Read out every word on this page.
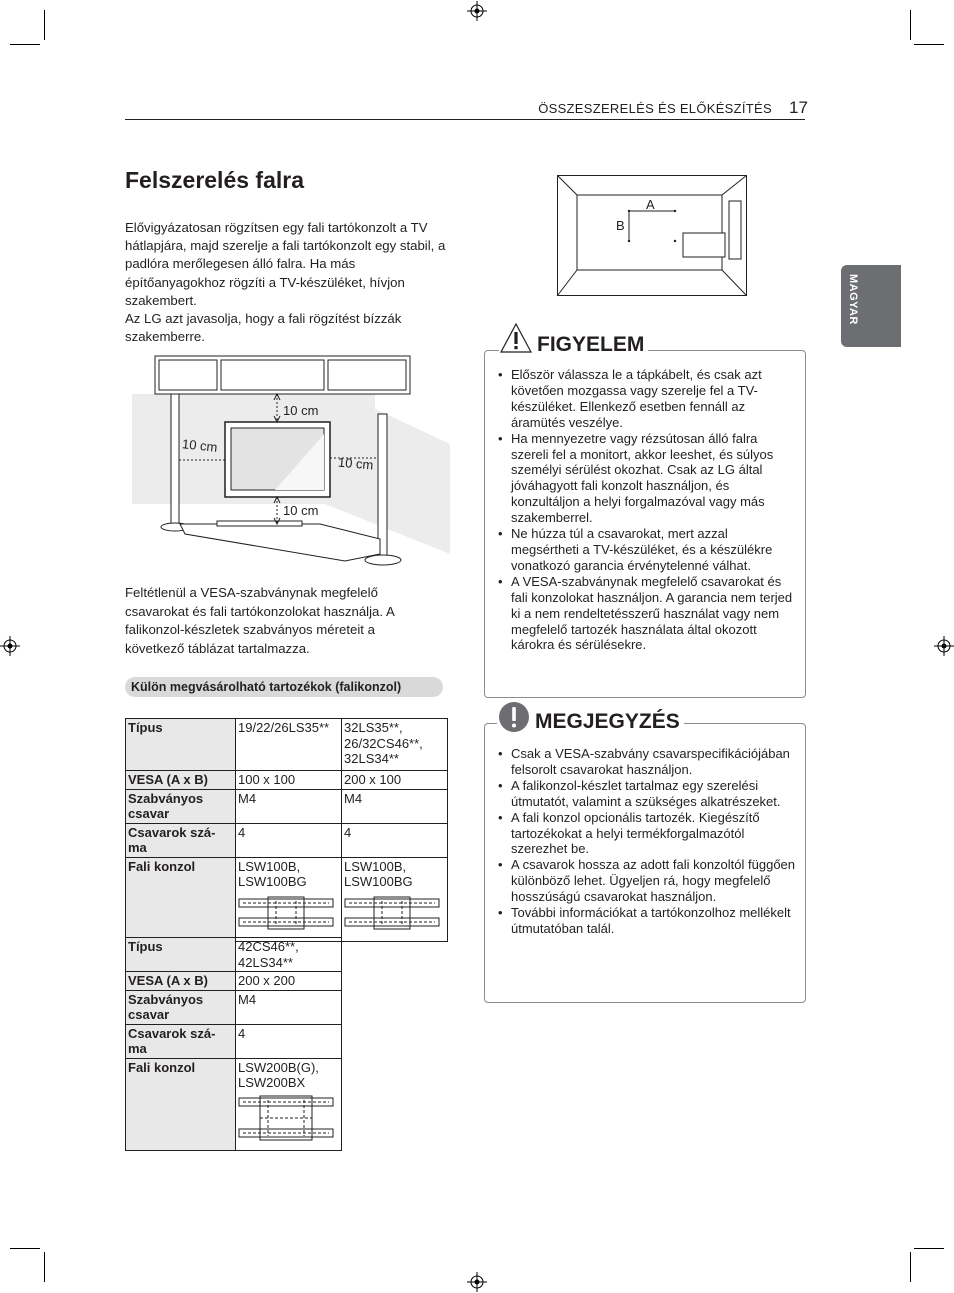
ÖSSZESZERELÉS ÉS ELŐKÉSZÍTÉS 17
MAGYAR
Felszerelés falra

Elővigyázatosan rögzítsen egy fali tartókonzolt a TV hátlapjára, majd szerelje a fali tartókonzolt egy stabil, a padlóra merőlegesen álló falra. Ha más építőanyagokhoz rögzíti a TV-készüléket, hívjon szakembert.

Az LG azt javasolja, hogy a fali rögzítést bízzák szakemberre.

10 cm
10 cm
10 cm
10 cm
Feltétlenül a VESA-szabványnak megfelelő csavarokat és fali tartókonzolokat használja. A falikonzol-készletek szabványos méreteit a következő táblázat tartalmazza.
Külön megvásárolható tartozékok (falikonzol)
Típus	19/22/26LS35**	32LS35**, 26/32CS46**, 32LS34**
VESA (A x B)	100 x 100	200 x 100
Szabványos csavar	M4	M4
Csavarok szá-ma	4	4
Fali konzol	LSW100B, LSW100BG	LSW100B, LSW100BG
Típus	42CS46**, 42LS34**
VESA (A x B)	200 x 200
Szabványos csavar	M4
Csavarok szá-ma	4
Fali konzol	LSW200B(G), LSW200BX
A
B
• Először válassza le a tápkábelt, és csak azt követően mozgassa vagy szerelje fel a TV-készüléket. Ellenkező esetben fennáll az áramütés veszélye.
• Ha mennyezetre vagy rézsútosan álló falra szereli fel a monitort, akkor leeshet, és súlyos személyi sérülést okozhat. Csak az LG által jóváhagyott fali konzolt használjon, és konzultáljon a helyi forgalmazóval vagy más szakemberrel.
• Ne húzza túl a csavarokat, mert azzal megsértheti a TV-készüléket, és a készülékre vonatkozó garancia érvénytelenné válhat.
• A VESA-szabványnak megfelelő csavarokat és fali konzolokat használjon. A garancia nem terjed ki a nem rendeltetésszerű használat vagy nem megfelelő tartozék használata által okozott károkra és sérülésekre.
FIGYELEM
• Csak a VESA-szabvány csavarspecifikációjában felsorolt csavarokat használjon.
• A falikonzol-készlet tartalmaz egy szerelési útmutatót, valamint a szükséges alkatrészeket.
• A fali konzol opcionális tartozék. Kiegészítő tartozékokat a helyi termékforgalmazótól szerezhet be.
• A csavarok hossza az adott fali konzoltól függően különböző lehet. Ügyeljen rá, hogy megfelelő hosszúságú csavarokat használjon.
• További információkat a tartókonzolhoz mellékelt útmutatóban talál.
MEGJEGYZÉS
